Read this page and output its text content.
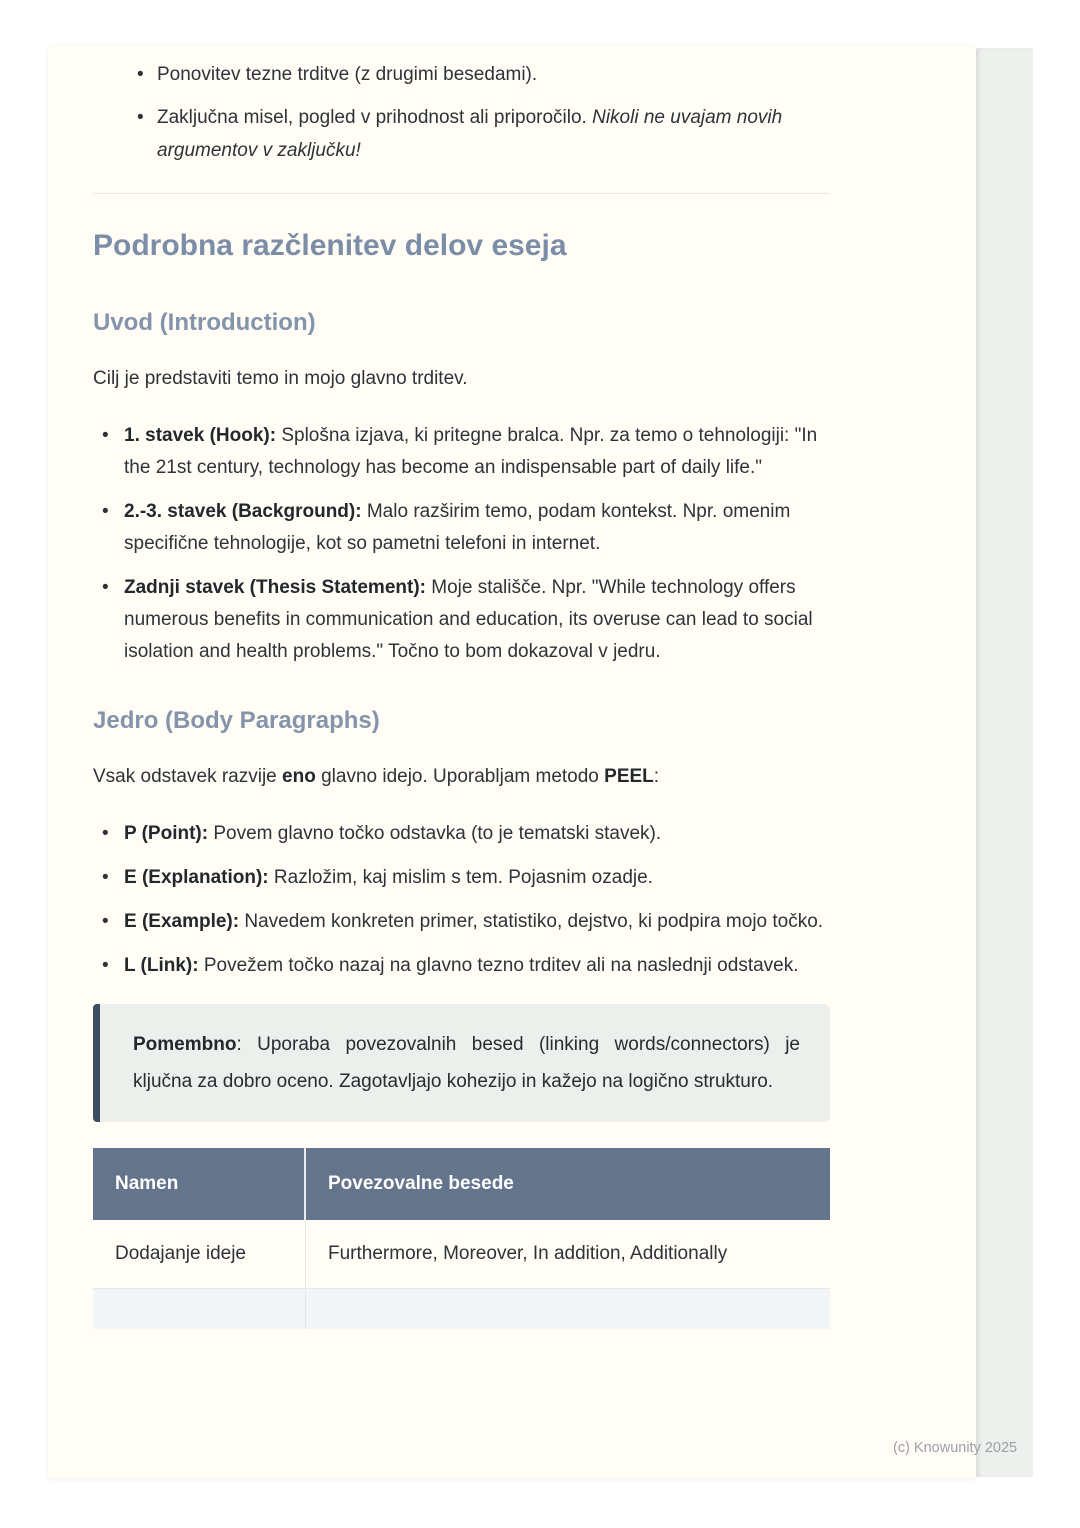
• Ponovitev tezne trditve (z drugimi besedami).
• Zaključna misel, pogled v prihodnost ali priporočilo. Nikoli ne uvajam novih argumentov v zaključku!
Podrobna razčlenitev delov eseja
Uvod (Introduction)

Cilj je predstaviti temo in mojo glavno trditev.

• 1. stavek (Hook): Splošna izjava, ki pritegne bralca. Npr. za temo o tehnologiji: "In the 21st century, technology has become an indispensable part of daily life."
• 2.-3. stavek (Background): Malo razširim temo, podam kontekst. Npr. omenim specifične tehnologije, kot so pametni telefoni in internet.
• Zadnji stavek (Thesis Statement): Moje stališče. Npr. "While technology offers numerous benefits in communication and education, its overuse can lead to social isolation and health problems." Točno to bom dokazoval v jedru.
Jedro (Body Paragraphs)

Vsak odstavek razvije eno glavno idejo. Uporabljam metodo PEEL:

• P (Point): Povem glavno točko odstavka (to je tematski stavek).
• E (Explanation): Razložim, kaj mislim s tem. Pojasnim ozadje.
• E (Example): Navedem konkreten primer, statistiko, dejstvo, ki podpira mojo točko.
• L (Link): Povežem točko nazaj na glavno tezno trditev ali na naslednji odstavek.

Pomembno: Uporaba povezovalnih besed (linking words/connectors) je ključna za dobro oceno. Zagotavljajo kohezijo in kažejo na logično strukturo.

Namen	Povezovalne besede
Dodajanje ideje	Furthermore, Moreover, In addition, Additionally
(c) Knowunity 2025
